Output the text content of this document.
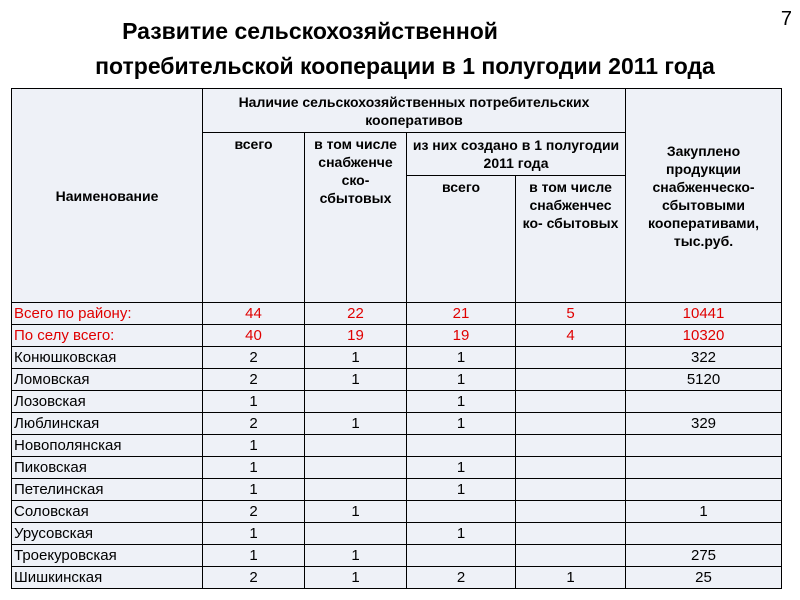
7
Развитие сельскохозяйственной
потребительской кооперации в 1 полугодии 2011 года
Наименование	Наличие сельскохозяйственных потребительских кооперативов				Закуплено продукции снабженческо-сбытовыми кооперативами, тыс.руб.
	всего	в том числе снабженче ско- сбытовых	из них создано в 1 полугодии 2011 года		
			всего	в том числе снабженчес ко- сбытовых	
Всего по району:	44	22	21	5	10441
По селу всего:	40	19	19	4	10320
Конюшковская	2	1	1		322
Ломовская	2	1	1		5120
Лозовская	1		1		
Люблинская	2	1	1		329
Новополянская	1				
Пиковская	1		1		
Петелинская	1		1		
Соловская	2	1			1
Урусовская	1		1		
Троекуровская	1	1			275
Шишкинская	2	1	2	1	25
